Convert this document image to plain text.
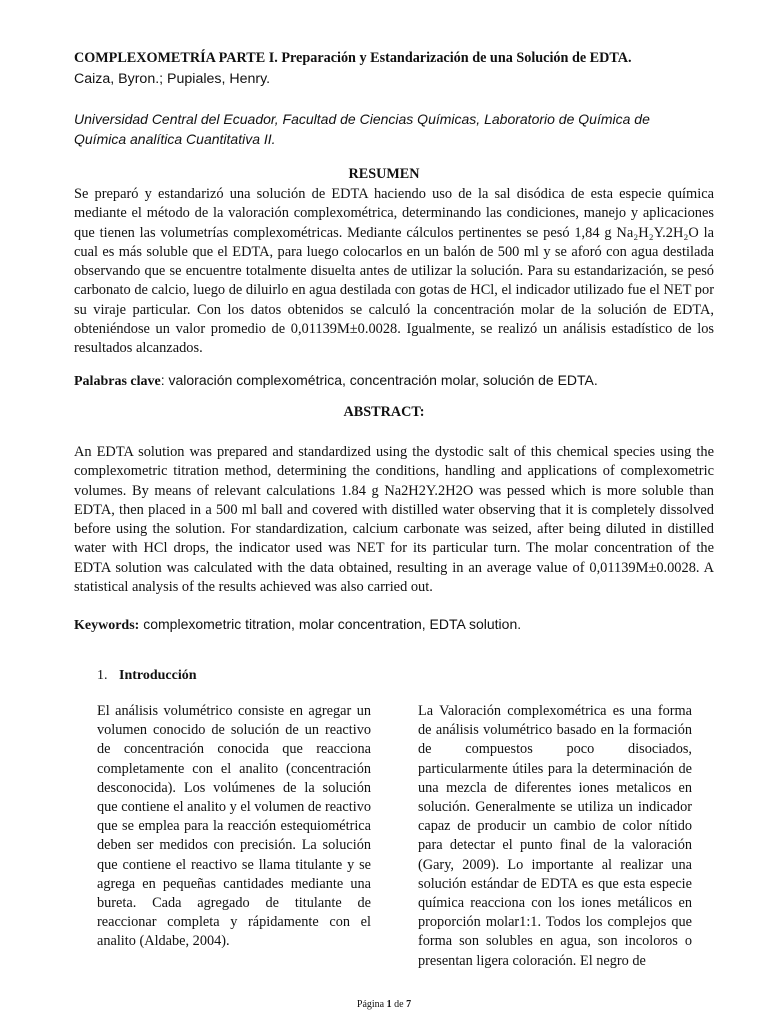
COMPLEXOMETRÍA PARTE I. Preparación y Estandarización de una Solución de EDTA.
Caiza, Byron.; Pupiales, Henry.
Universidad Central del Ecuador, Facultad de Ciencias Químicas, Laboratorio de Química de Química analítica Cuantitativa II.
RESUMEN
Se preparó y estandarizó una solución de EDTA haciendo uso de la sal disódica de esta especie química mediante el método de la valoración complexométrica, determinando las condiciones, manejo y aplicaciones que tienen las volumetrías complexométricas. Mediante cálculos pertinentes se pesó 1,84 g Na₂H₂Y.2H₂O la cual es más soluble que el EDTA, para luego colocarlos en un balón de 500 ml y se aforó con agua destilada observando que se encuentre totalmente disuelta antes de utilizar la solución. Para su estandarización, se pesó carbonato de calcio, luego de diluirlo en agua destilada con gotas de HCl, el indicador utilizado fue el NET por su viraje particular. Con los datos obtenidos se calculó la concentración molar de la solución de EDTA, obteniéndose un valor promedio de 0,01139M±0.0028. Igualmente, se realizó un análisis estadístico de los resultados alcanzados.
Palabras clave: valoración complexométrica, concentración molar, solución de EDTA.
ABSTRACT:
An EDTA solution was prepared and standardized using the dystodic salt of this chemical species using the complexometric titration method, determining the conditions, handling and applications of complexometric volumes. By means of relevant calculations 1.84 g Na2H2Y.2H2O was pessed which is more soluble than EDTA, then placed in a 500 ml ball and covered with distilled water observing that it is completely dissolved before using the solution. For standardization, calcium carbonate was seized, after being diluted in distilled water with HCl drops, the indicator used was NET for its particular turn. The molar concentration of the EDTA solution was calculated with the data obtained, resulting in an average value of 0,01139M±0.0028. A statistical analysis of the results achieved was also carried out.
Keywords: complexometric titration, molar concentration, EDTA solution.
1. Introducción
El análisis volumétrico consiste en agregar un volumen conocido de solución de un reactivo de concentración conocida que reacciona completamente con el analito (concentración desconocida). Los volúmenes de la solución que contiene el analito y el volumen de reactivo que se emplea para la reacción estequiométrica deben ser medidos con precisión. La solución que contiene el reactivo se llama titulante y se agrega en pequeñas cantidades mediante una bureta. Cada agregado de titulante de reaccionar completa y rápidamente con el analito (Aldabe, 2004).
La Valoración complexométrica es una forma de análisis volumétrico basado en la formación de compuestos poco disociados, particularmente útiles para la determinación de una mezcla de diferentes iones metalicos en solución. Generalmente se utiliza un indicador capaz de producir un cambio de color nítido para detectar el punto final de la valoración (Gary, 2009). Lo importante al realizar una solución estándar de EDTA es que esta especie química reacciona con los iones metálicos en proporción molar1:1. Todos los complejos que forma son solubles en agua, son incoloros o presentan ligera coloración. El negro de
Página 1 de 7
